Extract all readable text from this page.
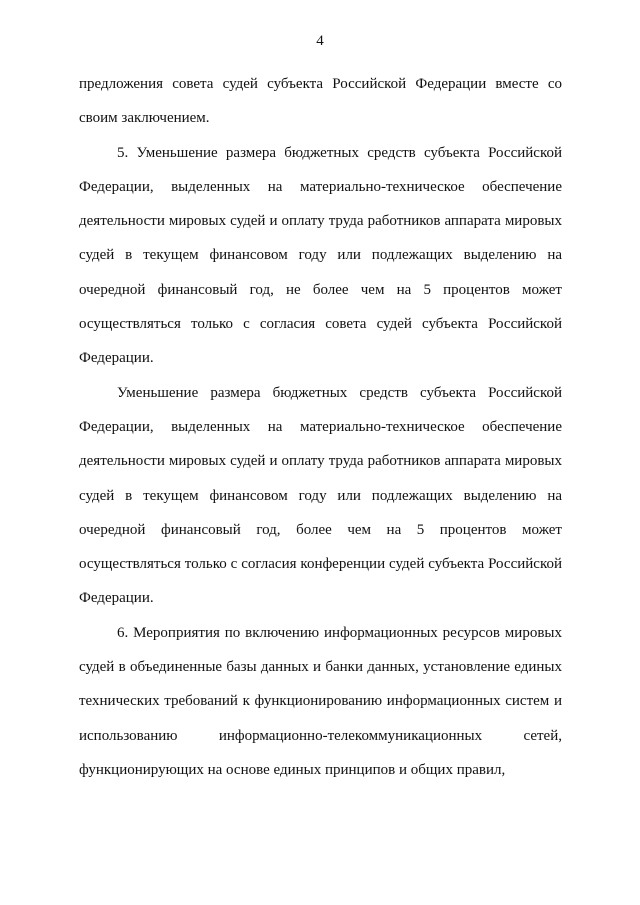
4

предложения совета судей субъекта Российской Федерации вместе со своим заключением.

5. Уменьшение размера бюджетных средств субъекта Российской Федерации, выделенных на материально-техническое обеспечение деятельности мировых судей и оплату труда работников аппарата мировых судей в текущем финансовом году или подлежащих выделению на очередной финансовый год, не более чем на 5 процентов может осуществляться только с согласия совета судей субъекта Российской Федерации.

Уменьшение размера бюджетных средств субъекта Российской Федерации, выделенных на материально-техническое обеспечение деятельности мировых судей и оплату труда работников аппарата мировых судей в текущем финансовом году или подлежащих выделению на очередной финансовый год, более чем на 5 процентов может осуществляться только с согласия конференции судей субъекта Российской Федерации.

6. Мероприятия по включению информационных ресурсов мировых судей в объединенные базы данных и банки данных, установление единых технических требований к функционированию информационных систем и использованию информационно-телекоммуникационных сетей, функционирующих на основе единых принципов и общих правил,
